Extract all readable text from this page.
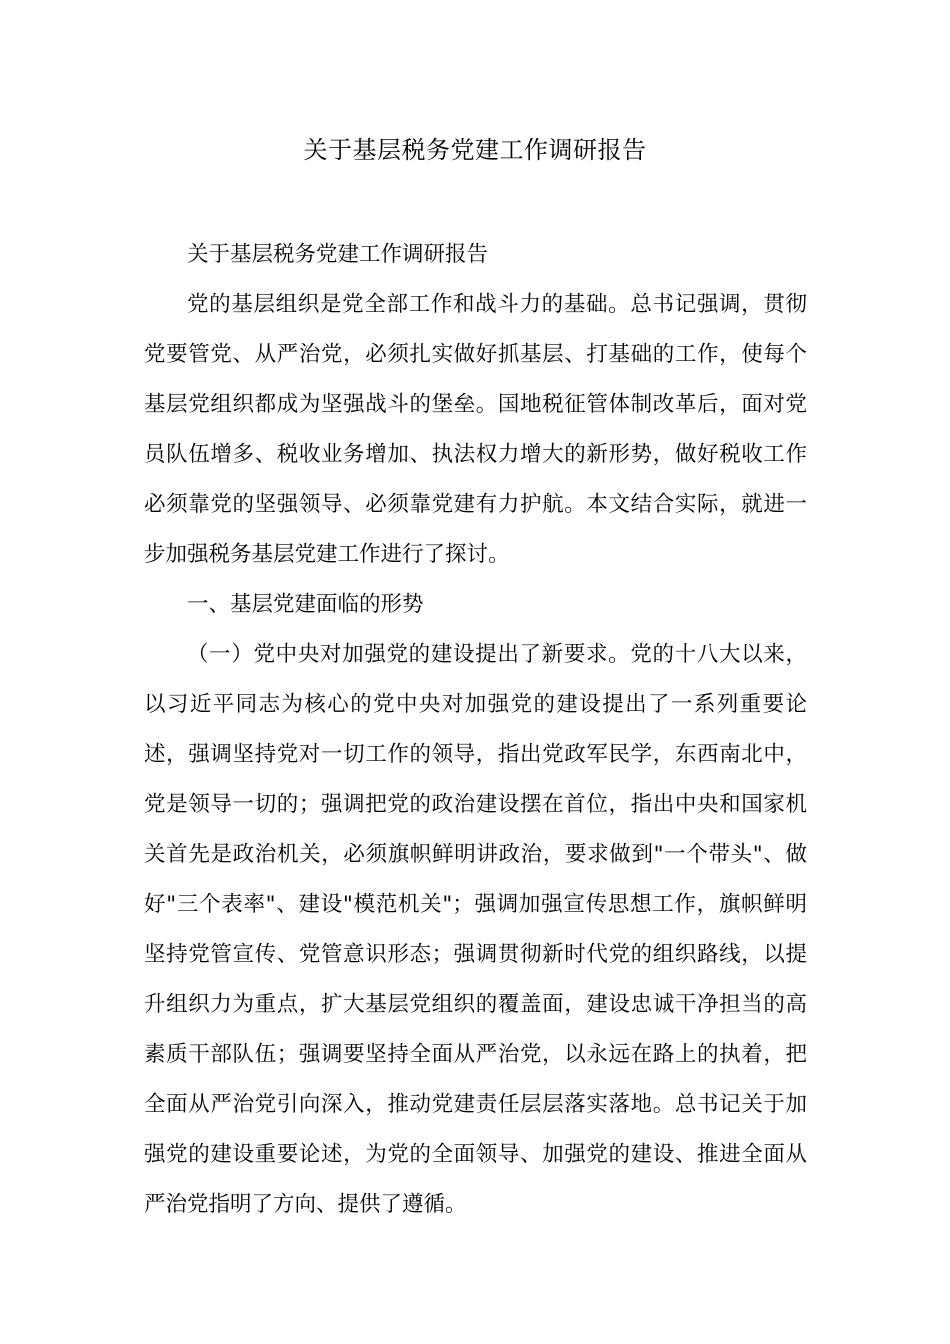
关于基层税务党建工作调研报告

关于基层税务党建工作调研报告

党的基层组织是党全部工作和战斗力的基础。总书记强调，贯彻党要管党、从严治党，必须扎实做好抓基层、打基础的工作，使每个基层党组织都成为坚强战斗的堡垒。国地税征管体制改革后，面对党员队伍增多、税收业务增加、执法权力增大的新形势，做好税收工作必须靠党的坚强领导、必须靠党建有力护航。本文结合实际，就进一步加强税务基层党建工作进行了探讨。

一、基层党建面临的形势

（一）党中央对加强党的建设提出了新要求。党的十八大以来，以习近平同志为核心的党中央对加强党的建设提出了一系列重要论述，强调坚持党对一切工作的领导，指出党政军民学，东西南北中，党是领导一切的；强调把党的政治建设摆在首位，指出中央和国家机关首先是政治机关，必须旗帜鲜明讲政治，要求做到"一个带头"、做好"三个表率"、建设"模范机关"；强调加强宣传思想工作，旗帜鲜明坚持党管宣传、党管意识形态；强调贯彻新时代党的组织路线，以提升组织力为重点，扩大基层党组织的覆盖面，建设忠诚干净担当的高素质干部队伍；强调要坚持全面从严治党，以永远在路上的执着，把全面从严治党引向深入，推动党建责任层层落实落地。总书记关于加强党的建设重要论述，为党的全面领导、加强党的建设、推进全面从严治党指明了方向、提供了遵循。
